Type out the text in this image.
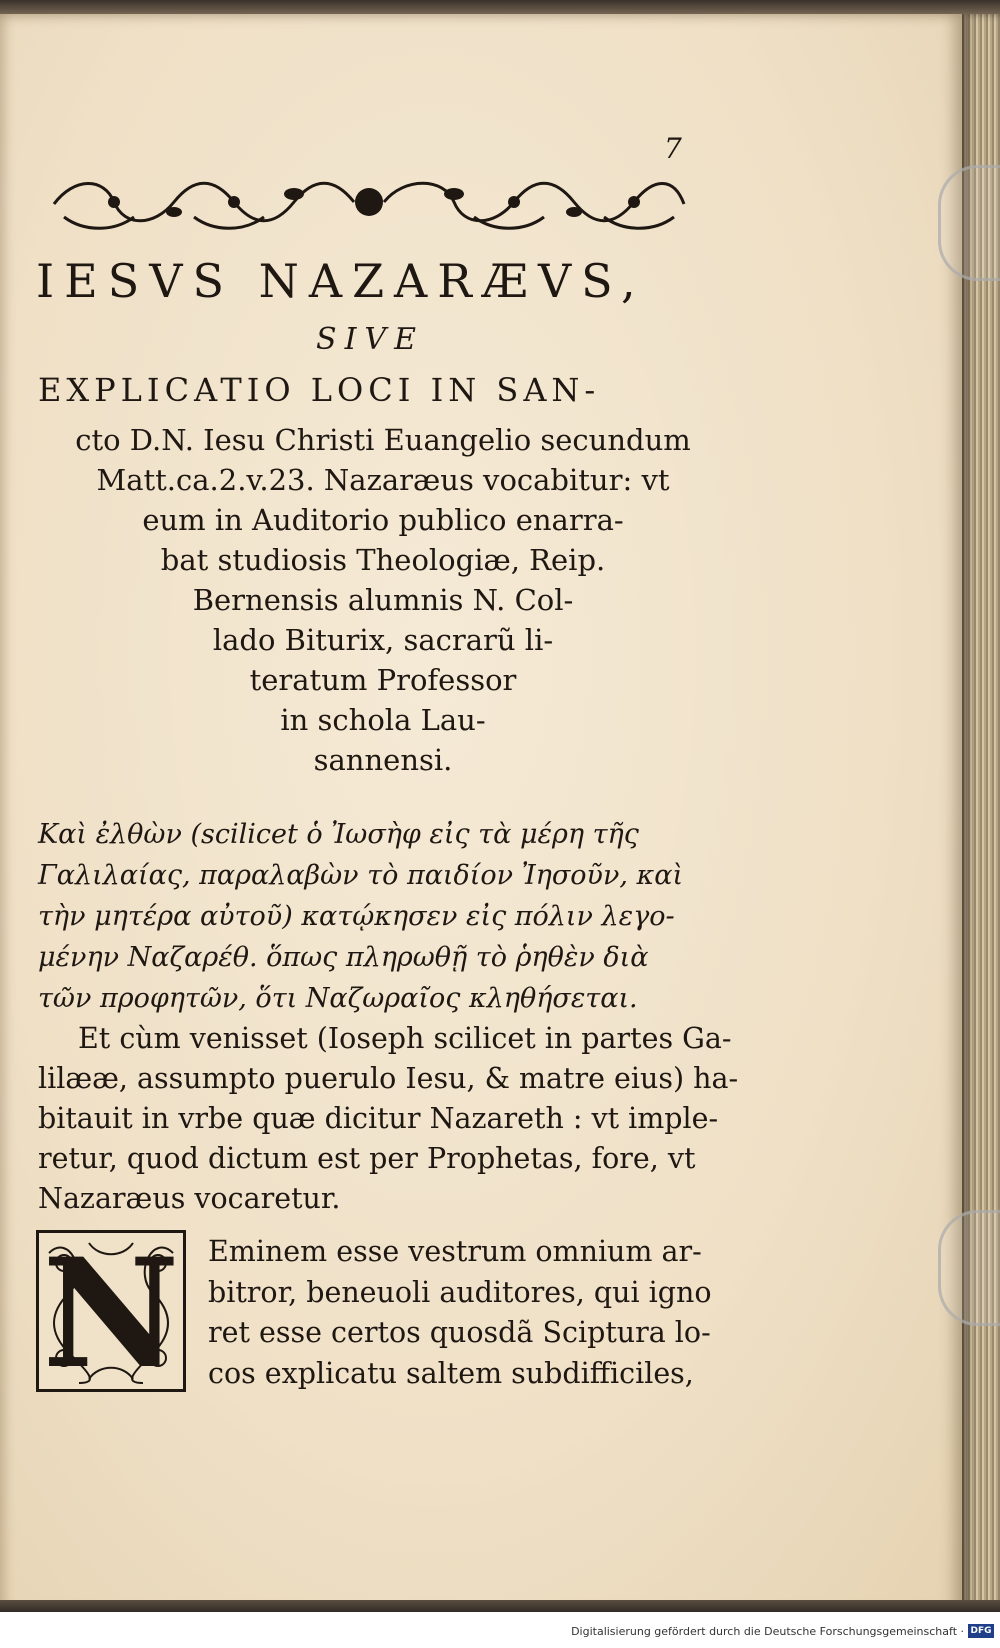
7
IESVS NAZARÆVS,
SIVE
EXPLICATIO LOCI IN SAN-
cto D.N. Iesu Christi Euangelio secundum
Matt.ca.2.v.23. Nazaræus vocabitur: vt
eum in Auditorio publico enarra-
bat studiosis Theologiæ, Reip.
Bernensis alumnis N. Col-
lado Biturix, sacrarũ li-
teratum Professor
in schola Lau-
sannensi.
Καὶ ἐλθὼν (scilicet ὁ Ἰωσὴφ εἰς τὰ μέρη τῆς
Γαλιλαίας, παραλαβὼν τὸ παιδίον Ἰησοῦν, καὶ
τὴν μητέρα αὐτοῦ) κατῴκησεν εἰς πόλιν λεγο-
μένην Ναζαρέθ. ὅπως πληρωθῇ τὸ ῥηθὲν διὰ
τῶν προφητῶν, ὅτι Ναζωραῖος κληθήσεται.
Et cùm venisset (Ioseph scilicet in partes Ga-
lilææ, assumpto puerulo Iesu, & matre eius) ha-
bitauit in vrbe quæ dicitur Nazareth : vt imple-
retur, quod dictum est per Prophetas, fore, vt
Nazaræus vocaretur.
N Eminem esse vestrum omnium ar-
bitror, beneuoli auditores, qui igno
ret esse certos quosdã Sciptura lo-
cos explicatu saltem subdifficiles,
Digitalisierung gefördert durch die Deutsche Forschungsgemeinschaft · DFG
